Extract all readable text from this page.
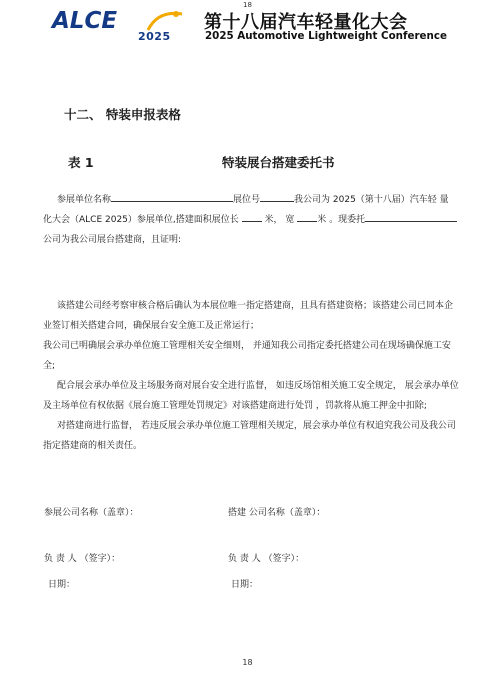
18
ALCE
2025
第十八届汽车轻量化大会
2025 Automotive Lightweight Conference
十二、 特装申报表格
表 1	特装展台搭建委托书
参展单位名称	展位号	我公司为 2025（第十八届）汽车轻 量
化大会（ALCE 2025）参展单位,搭建面积展位长	米， 宽	米 。现委托
公司为我公司展台搭建商，且证明:
该搭建公司经考察审核合格后确认为本展位唯一指定搭建商，且具有搭建资格；该搭建公司已同本企
业签订相关搭建合同，确保展台安全施工及正常运行；
我公司已明确展会承办单位施工管理相关安全细则， 并通知我公司指定委托搭建公司在现场确保施工安
全;
配合展会承办单位及主场服务商对展台安全进行监督， 如违反场馆相关施工安全规定， 展会承办单位
及主场单位有权依据《展台施工管理处罚规定》对该搭建商进行处罚 ，罚款将从施工押金中扣除;
对搭建商进行监督， 若违反展会承办单位施工管理相关规定，展会承办单位有权追究我公司及我公司
指定搭建商的相关责任。
参展公司名称（盖章）：	搭建 公司名称（盖章）：
负 责 人 （签字）：	负 责 人 （签字）：
日期：	日期：
18
